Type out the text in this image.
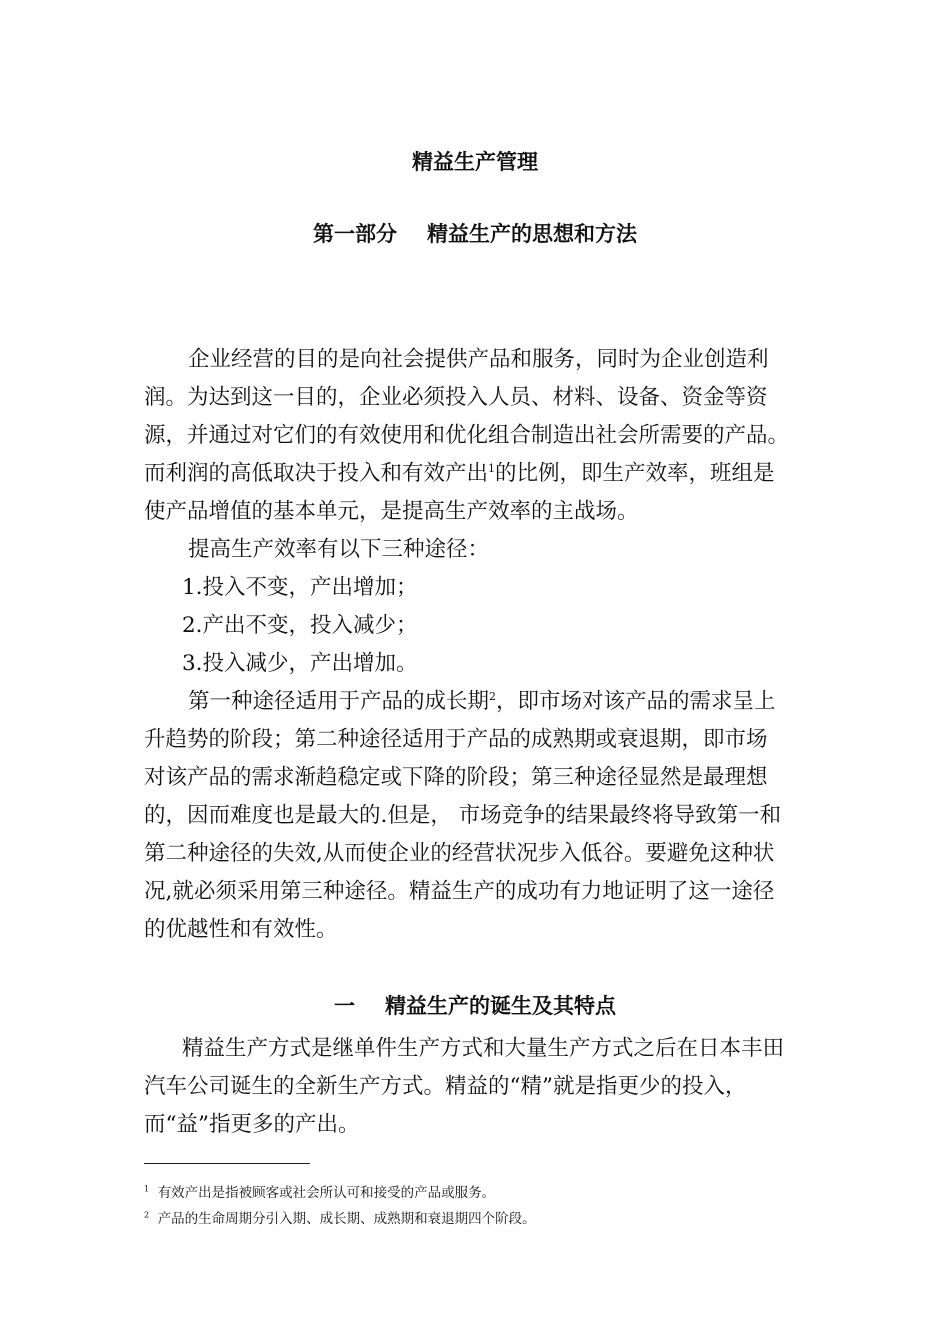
精益生产管理
第一部分 精益生产的思想和方法
企业经营的目的是向社会提供产品和服务，同时为企业创造利
润。为达到这一目的，企业必须投入人员、材料、设备、资金等资
源，并通过对它们的有效使用和优化组合制造出社会所需要的产品。
而利润的高低取决于投入和有效产出$^1$的比例，即生产效率，班组是
使产品增值的基本单元，是提高生产效率的主战场。
提高生产效率有以下三种途径：
1.投入不变，产出增加；
2.产出不变，投入减少；
3.投入减少，产出增加。
第一种途径适用于产品的成长期$^2$，即市场对该产品的需求呈上
升趋势的阶段；第二种途径适用于产品的成熟期或衰退期，即市场
对该产品的需求渐趋稳定或下降的阶段；第三种途径显然是最理想
的，因而难度也是最大的.但是， 市场竞争的结果最终将导致第一和
第二种途径的失效,从而使企业的经营状况步入低谷。要避免这种状
况,就必须采用第三种途径。精益生产的成功有力地证明了这一途径
的优越性和有效性。
一 精益生产的诞生及其特点
精益生产方式是继单件生产方式和大量生产方式之后在日本丰田
汽车公司诞生的全新生产方式。精益的“精”就是指更少的投入，
而“益”指更多的产出。
$^1$ 有效产出是指被顾客或社会所认可和接受的产品或服务。
$^2$ 产品的生命周期分引入期、成长期、成熟期和衰退期四个阶段。
